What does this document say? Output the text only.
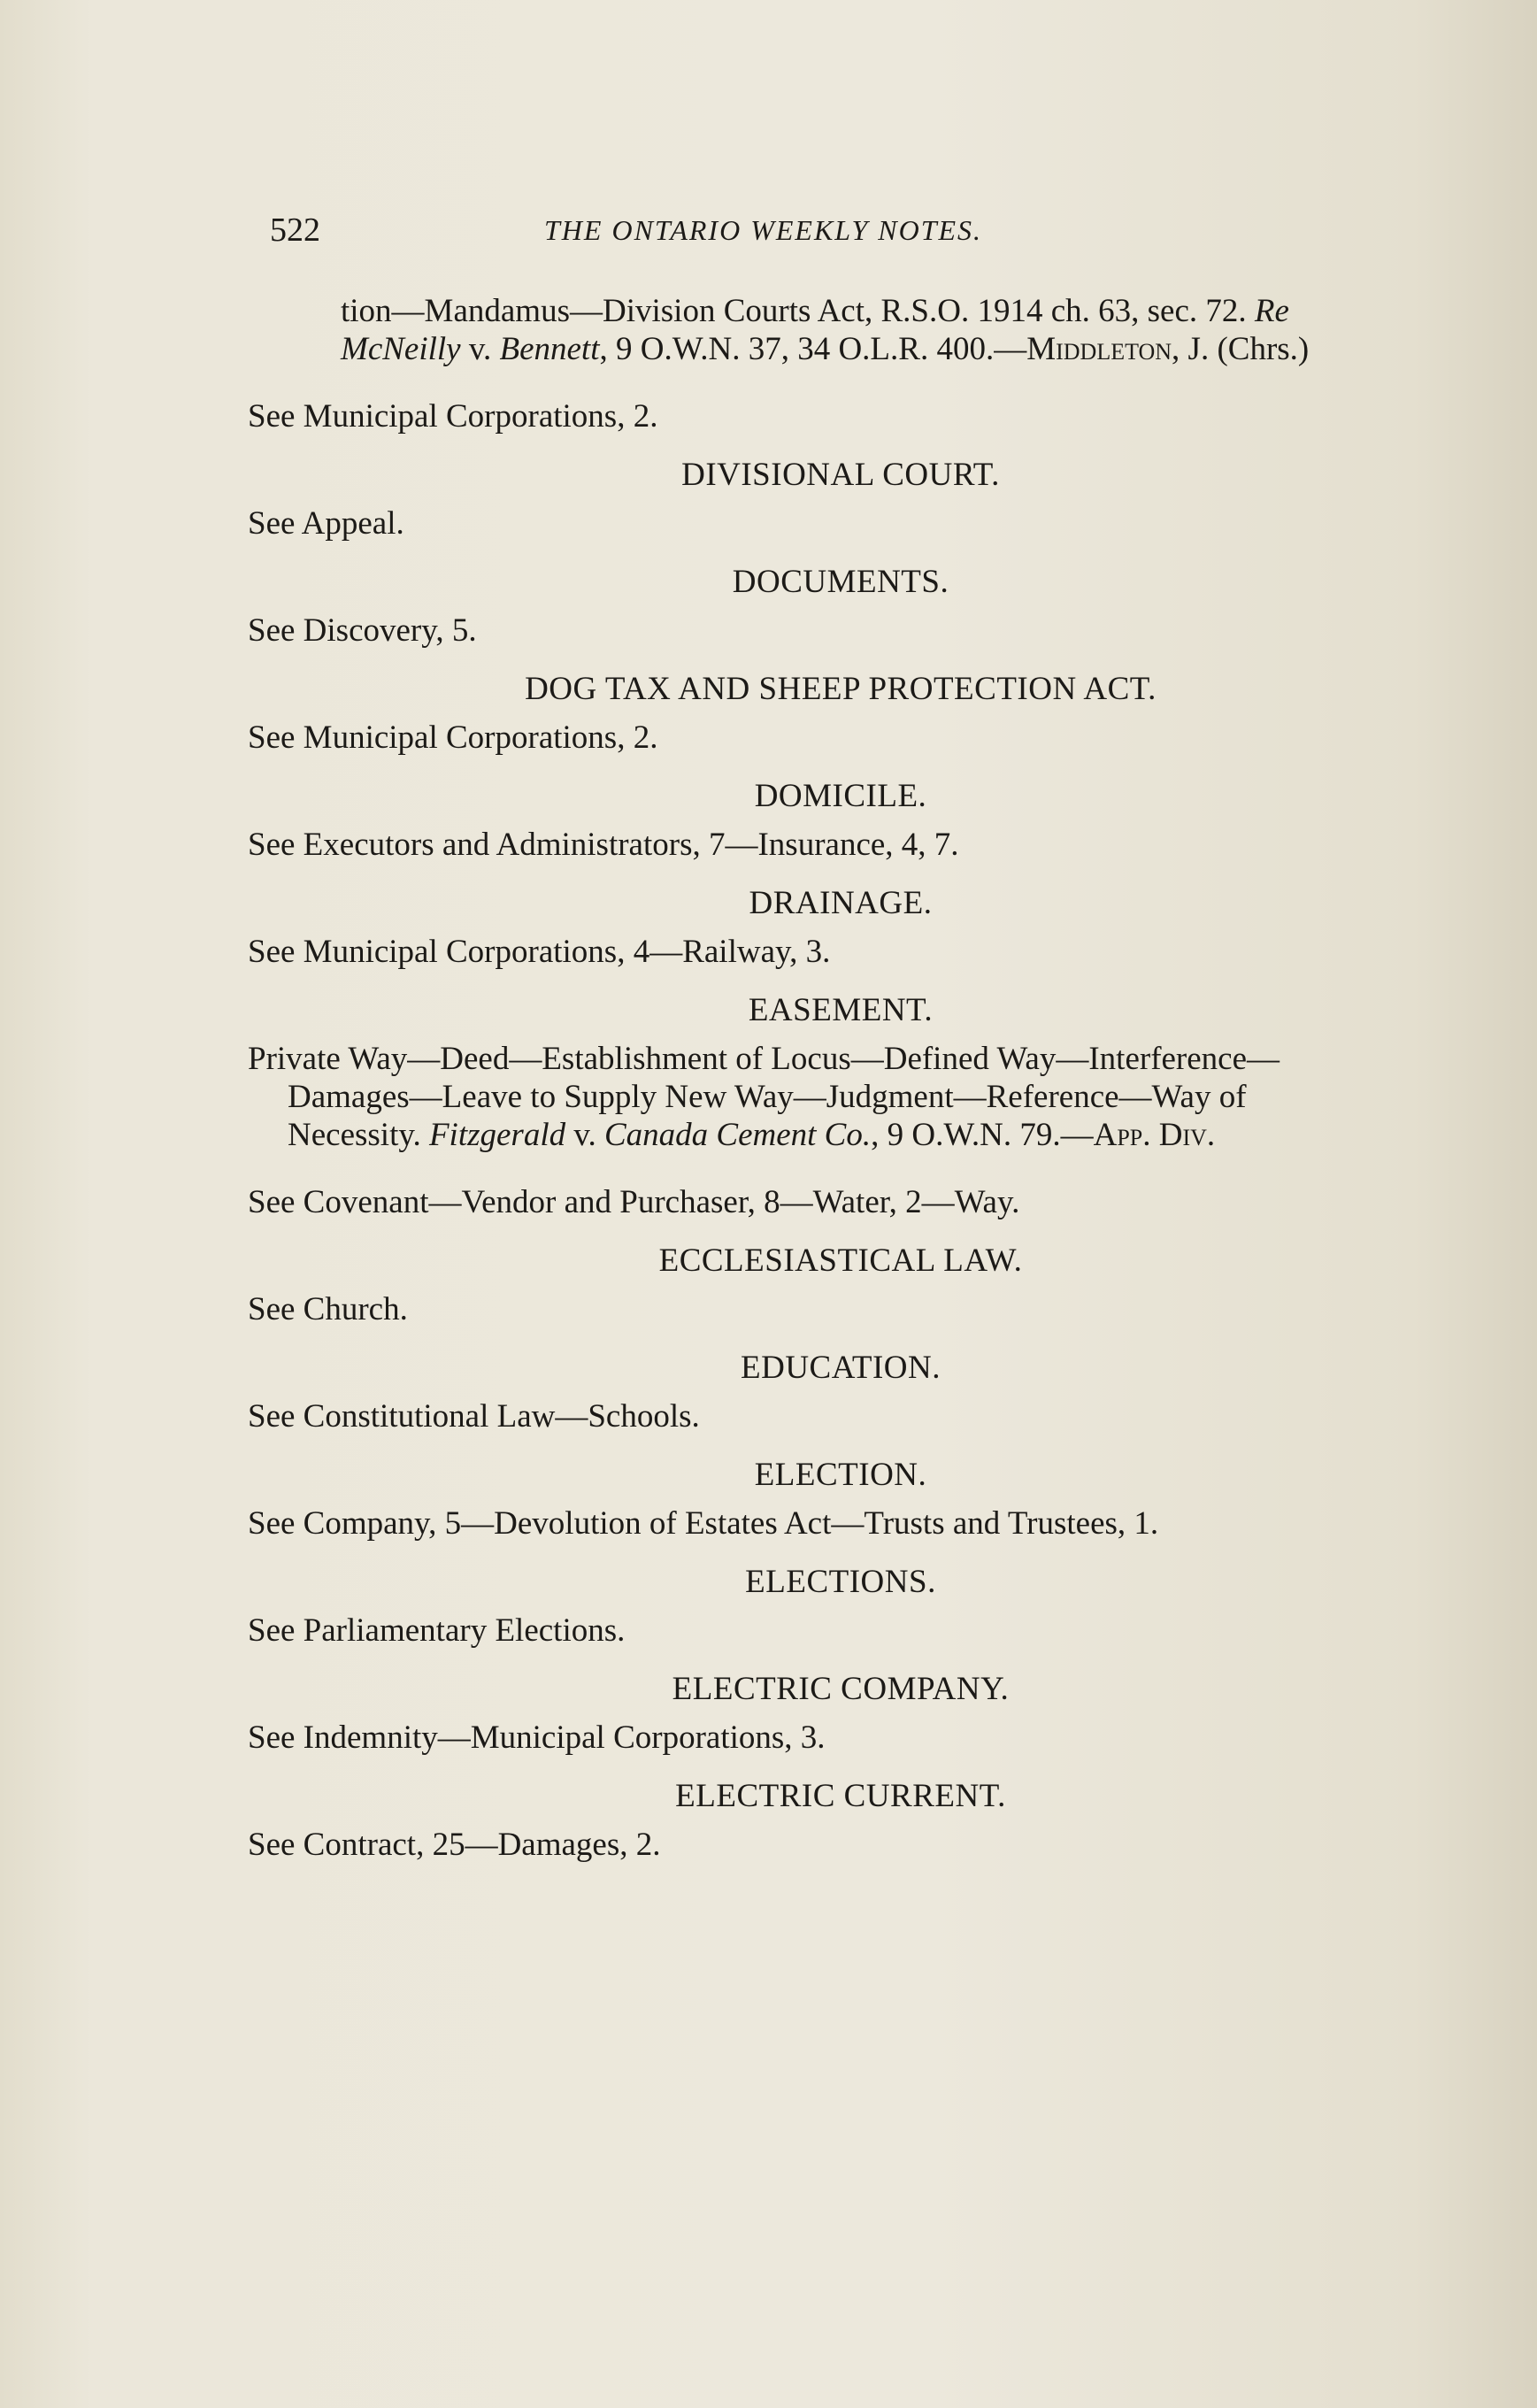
522	THE ONTARIO WEEKLY NOTES.

tion—Mandamus—Division Courts Act, R.S.O. 1914 ch. 63, sec. 72. Re McNeilly v. Bennett, 9 O.W.N. 37, 34 O.L.R. 400.—Middleton, J. (Chrs.)

See Municipal Corporations, 2.

DIVISIONAL COURT.

See Appeal.

DOCUMENTS.

See Discovery, 5.

DOG TAX AND SHEEP PROTECTION ACT.

See Municipal Corporations, 2.

DOMICILE.

See Executors and Administrators, 7—Insurance, 4, 7.

DRAINAGE.

See Municipal Corporations, 4—Railway, 3.

EASEMENT.

Private Way—Deed—Establishment of Locus—Defined Way—Interference—Damages—Leave to Supply New Way—Judgment—Reference—Way of Necessity. Fitzgerald v. Canada Cement Co., 9 O.W.N. 79.—App. Div.

See Covenant—Vendor and Purchaser, 8—Water, 2—Way.

ECCLESIASTICAL LAW.

See Church.

EDUCATION.

See Constitutional Law—Schools.

ELECTION.

See Company, 5—Devolution of Estates Act—Trusts and Trustees, 1.

ELECTIONS.

See Parliamentary Elections.

ELECTRIC COMPANY.

See Indemnity—Municipal Corporations, 3.

ELECTRIC CURRENT.

See Contract, 25—Damages, 2.
